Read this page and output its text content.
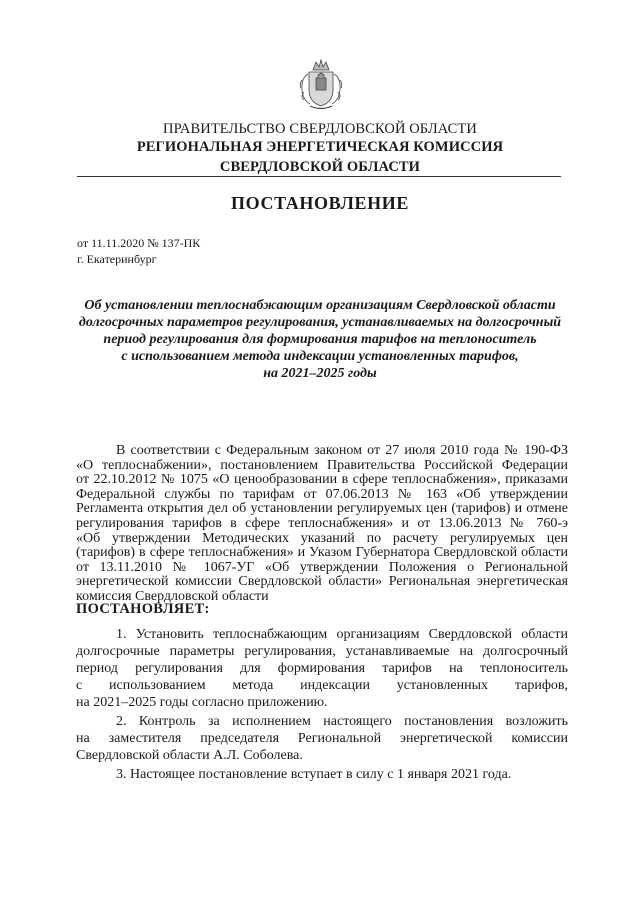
ПРАВИТЕЛЬСТВО СВЕРДЛОВСКОЙ ОБЛАСТИ
РЕГИОНАЛЬНАЯ ЭНЕРГЕТИЧЕСКАЯ КОМИССИЯ
СВЕРДЛОВСКОЙ ОБЛАСТИ
ПОСТАНОВЛЕНИЕ
от 11.11.2020 № 137-ПК
г. Екатеринбург
Об установлении теплоснабжающим организациям Свердловской области
долгосрочных параметров регулирования, устанавливаемых на долгосрочный
период регулирования для формирования тарифов на теплоноситель
с использованием метода индексации установленных тарифов,
на 2021–2025 годы
ПОСТАНОВЛЯЕТ:
1. Установить теплоснабжающим организациям Свердловской области
долгосрочные параметры регулирования, устанавливаемые на долгосрочный
период регулирования для формирования тарифов на теплоноситель
с использованием метода индексации установленных тарифов,
на 2021–2025 годы согласно приложению.
2. Контроль за исполнением настоящего постановления возложить
на заместителя председателя Региональной энергетической комиссии
Свердловской области А.Л. Соболева.
3. Настоящее постановление вступает в силу с 1 января 2021 года.
В соответствии с Федеральным законом от 27 июля 2010 года № 190-ФЗ
«О теплоснабжении», постановлением Правительства Российской Федерации
от 22.10.2012 № 1075 «О ценообразовании в сфере теплоснабжения», приказами
Федеральной службы по тарифам от 07.06.2013 № 163 «Об утверждении
Регламента открытия дел об установлении регулируемых цен (тарифов) и отмене
регулирования тарифов в сфере теплоснабжения» и от 13.06.2013 № 760-э
«Об утверждении Методических указаний по расчету регулируемых цен
(тарифов) в сфере теплоснабжения» и Указом Губернатора Свердловской области
от 13.11.2010 № 1067-УГ «Об утверждении Положения о Региональной
энергетической комиссии Свердловской области» Региональная энергетическая
комиссия Свердловской области
